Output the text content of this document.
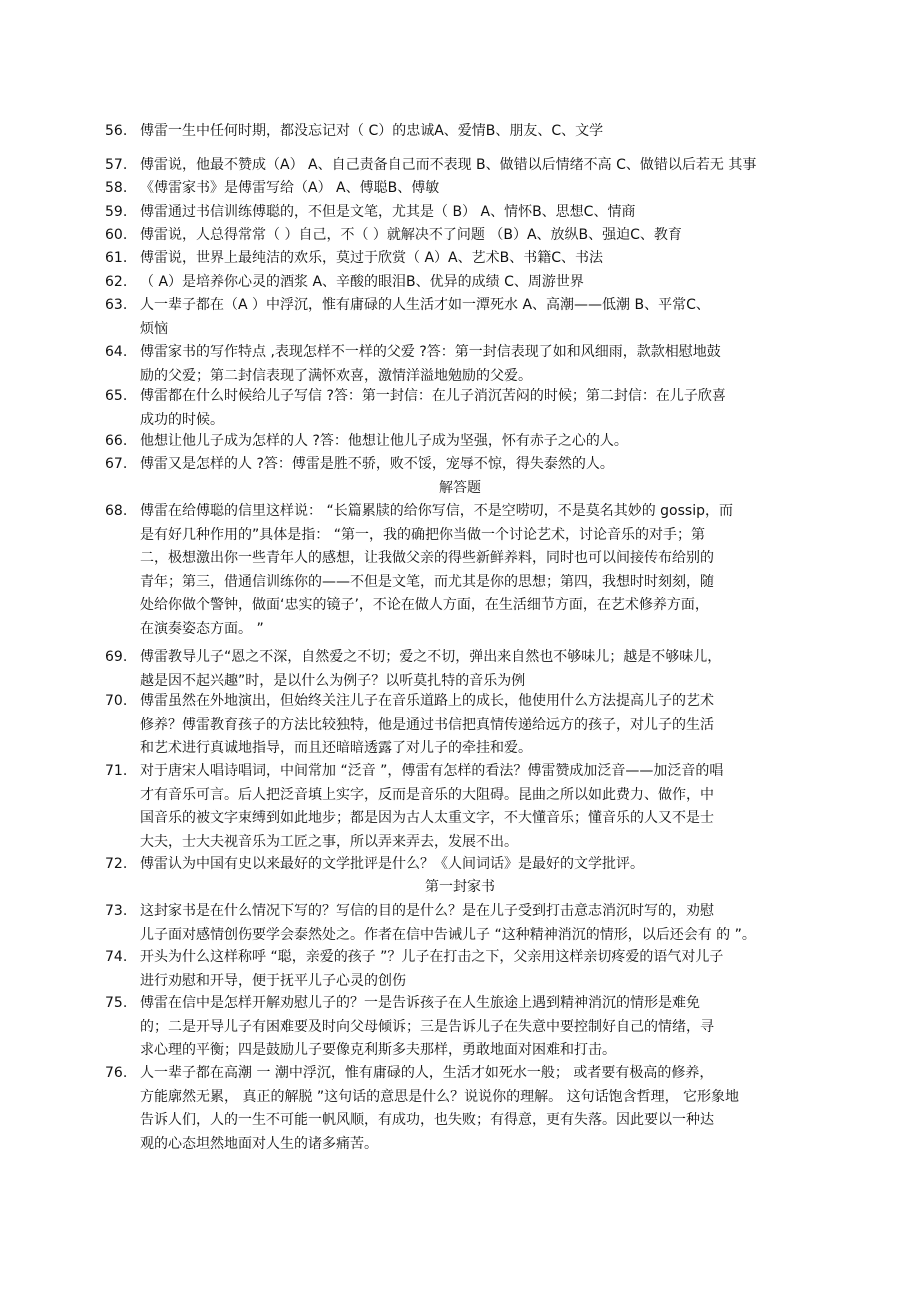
56. 傅雷一生中任何时期，都没忘记对（ C）的忠诚A、爱情B、朋友、C、文学
57. 傅雷说，他最不赞成（A） A、自己责备自己而不表现 B、做错以后情绪不高 C、做错以后若无 其事
58. 《傅雷家书》是傅雷写给（A） A、傅聪B、傅敏
59. 傅雷通过书信训练傅聪的，不但是文笔，尤其是（ B） A、情怀B、思想C、情商
60. 傅雷说，人总得常常（ ）自己，不（ ）就解决不了问题 （B）A、放纵B、强迫C、教育
61. 傅雷说，世界上最纯洁的欢乐，莫过于欣赏（ A）A、艺术B、书籍C、书法
62. （ A）是培养你心灵的酒浆 A、辛酸的眼泪B、优异的成绩 C、周游世界
63. 人一辈子都在（A ）中浮沉，惟有庸碌的人生活才如一潭死水 A、高潮——低潮 B、平常C、
烦恼
64. 傅雷家书的写作特点 ,表现怎样不一样的父爱 ?答：第一封信表现了如和风细雨，款款相慰地鼓
励的父爱；第二封信表现了满怀欢喜，激情洋溢地勉励的父爱。
65. 傅雷都在什么时候给儿子写信 ?答：第一封信：在儿子消沉苦闷的时候；第二封信：在儿子欣喜
成功的时候。
66. 他想让他儿子成为怎样的人 ?答：他想让他儿子成为坚强，怀有赤子之心的人。
67. 傅雷又是怎样的人 ?答：傅雷是胜不骄，败不馁，宠辱不惊，得失泰然的人。
解答题
68. 傅雷在给傅聪的信里这样说： “长篇累牍的给你写信，不是空唠叨，不是莫名其妙的 gossip，而
是有好几种作用的”具体是指： “第一，我的确把你当做一个讨论艺术，讨论音乐的对手；第
二，极想激出你一些青年人的感想，让我做父亲的得些新鲜养料，同时也可以间接传布给别的
青年；第三，借通信训练你的——不但是文笔，而尤其是你的思想；第四，我想时时刻刻，随
处给你做个警钟，做面‘忠实的镜子’，不论在做人方面，在生活细节方面，在艺术修养方面，
在演奏姿态方面。 ”
69. 傅雷教导儿子“恩之不深，自然爱之不切；爱之不切，弹出来自然也不够味儿；越是不够味儿，
越是因不起兴趣”时，是以什么为例子？以听莫扎特的音乐为例
70. 傅雷虽然在外地演出，但始终关注儿子在音乐道路上的成长，他使用什么方法提高儿子的艺术
修养？傅雷教育孩子的方法比较独特，他是通过书信把真情传递给远方的孩子，对儿子的生活
和艺术进行真诚地指导，而且还暗暗透露了对儿子的牵挂和爱。
71. 对于唐宋人唱诗唱词，中间常加 “泛音 ”，傅雷有怎样的看法？傅雷赞成加泛音——加泛音的唱
才有音乐可言。后人把泛音填上实字，反而是音乐的大阻碍。昆曲之所以如此费力、做作，中
国音乐的被文字束缚到如此地步；都是因为古人太重文字，不大懂音乐；懂音乐的人又不是士
大夫，士大夫视音乐为工匠之事，所以弄来弄去，发展不出。
72. 傅雷认为中国有史以来最好的文学批评是什么？《人间词话》是最好的文学批评。
第一封家书
73. 这封家书是在什么情况下写的？写信的目的是什么？是在儿子受到打击意志消沉时写的，劝慰
儿子面对感情创伤要学会泰然处之。作者在信中告诫儿子 “这种精神消沉的情形，以后还会有 的 ”。
74. 开头为什么这样称呼 “聪，亲爱的孩子 ”？儿子在打击之下，父亲用这样亲切疼爱的语气对儿子
进行劝慰和开导，便于抚平儿子心灵的创伤
75. 傅雷在信中是怎样开解劝慰儿子的？一是告诉孩子在人生旅途上遇到精神消沉的情形是难免
的；二是开导儿子有困难要及时向父母倾诉；三是告诉儿子在失意中要控制好自己的情绪，寻
求心理的平衡；四是鼓励儿子要像克利斯多夫那样，勇敢地面对困难和打击。
76. 人一辈子都在高潮 一 潮中浮沉，惟有庸碌的人，生活才如死水一般； 或者要有极高的修养，
方能廓然无累， 真正的解脱 ”这句话的意思是什么？说说你的理解。 这句话饱含哲理， 它形象地
告诉人们，人的一生不可能一帆风顺，有成功，也失败；有得意，更有失落。因此要以一种达
观的心态坦然地面对人生的诸多痛苦。
